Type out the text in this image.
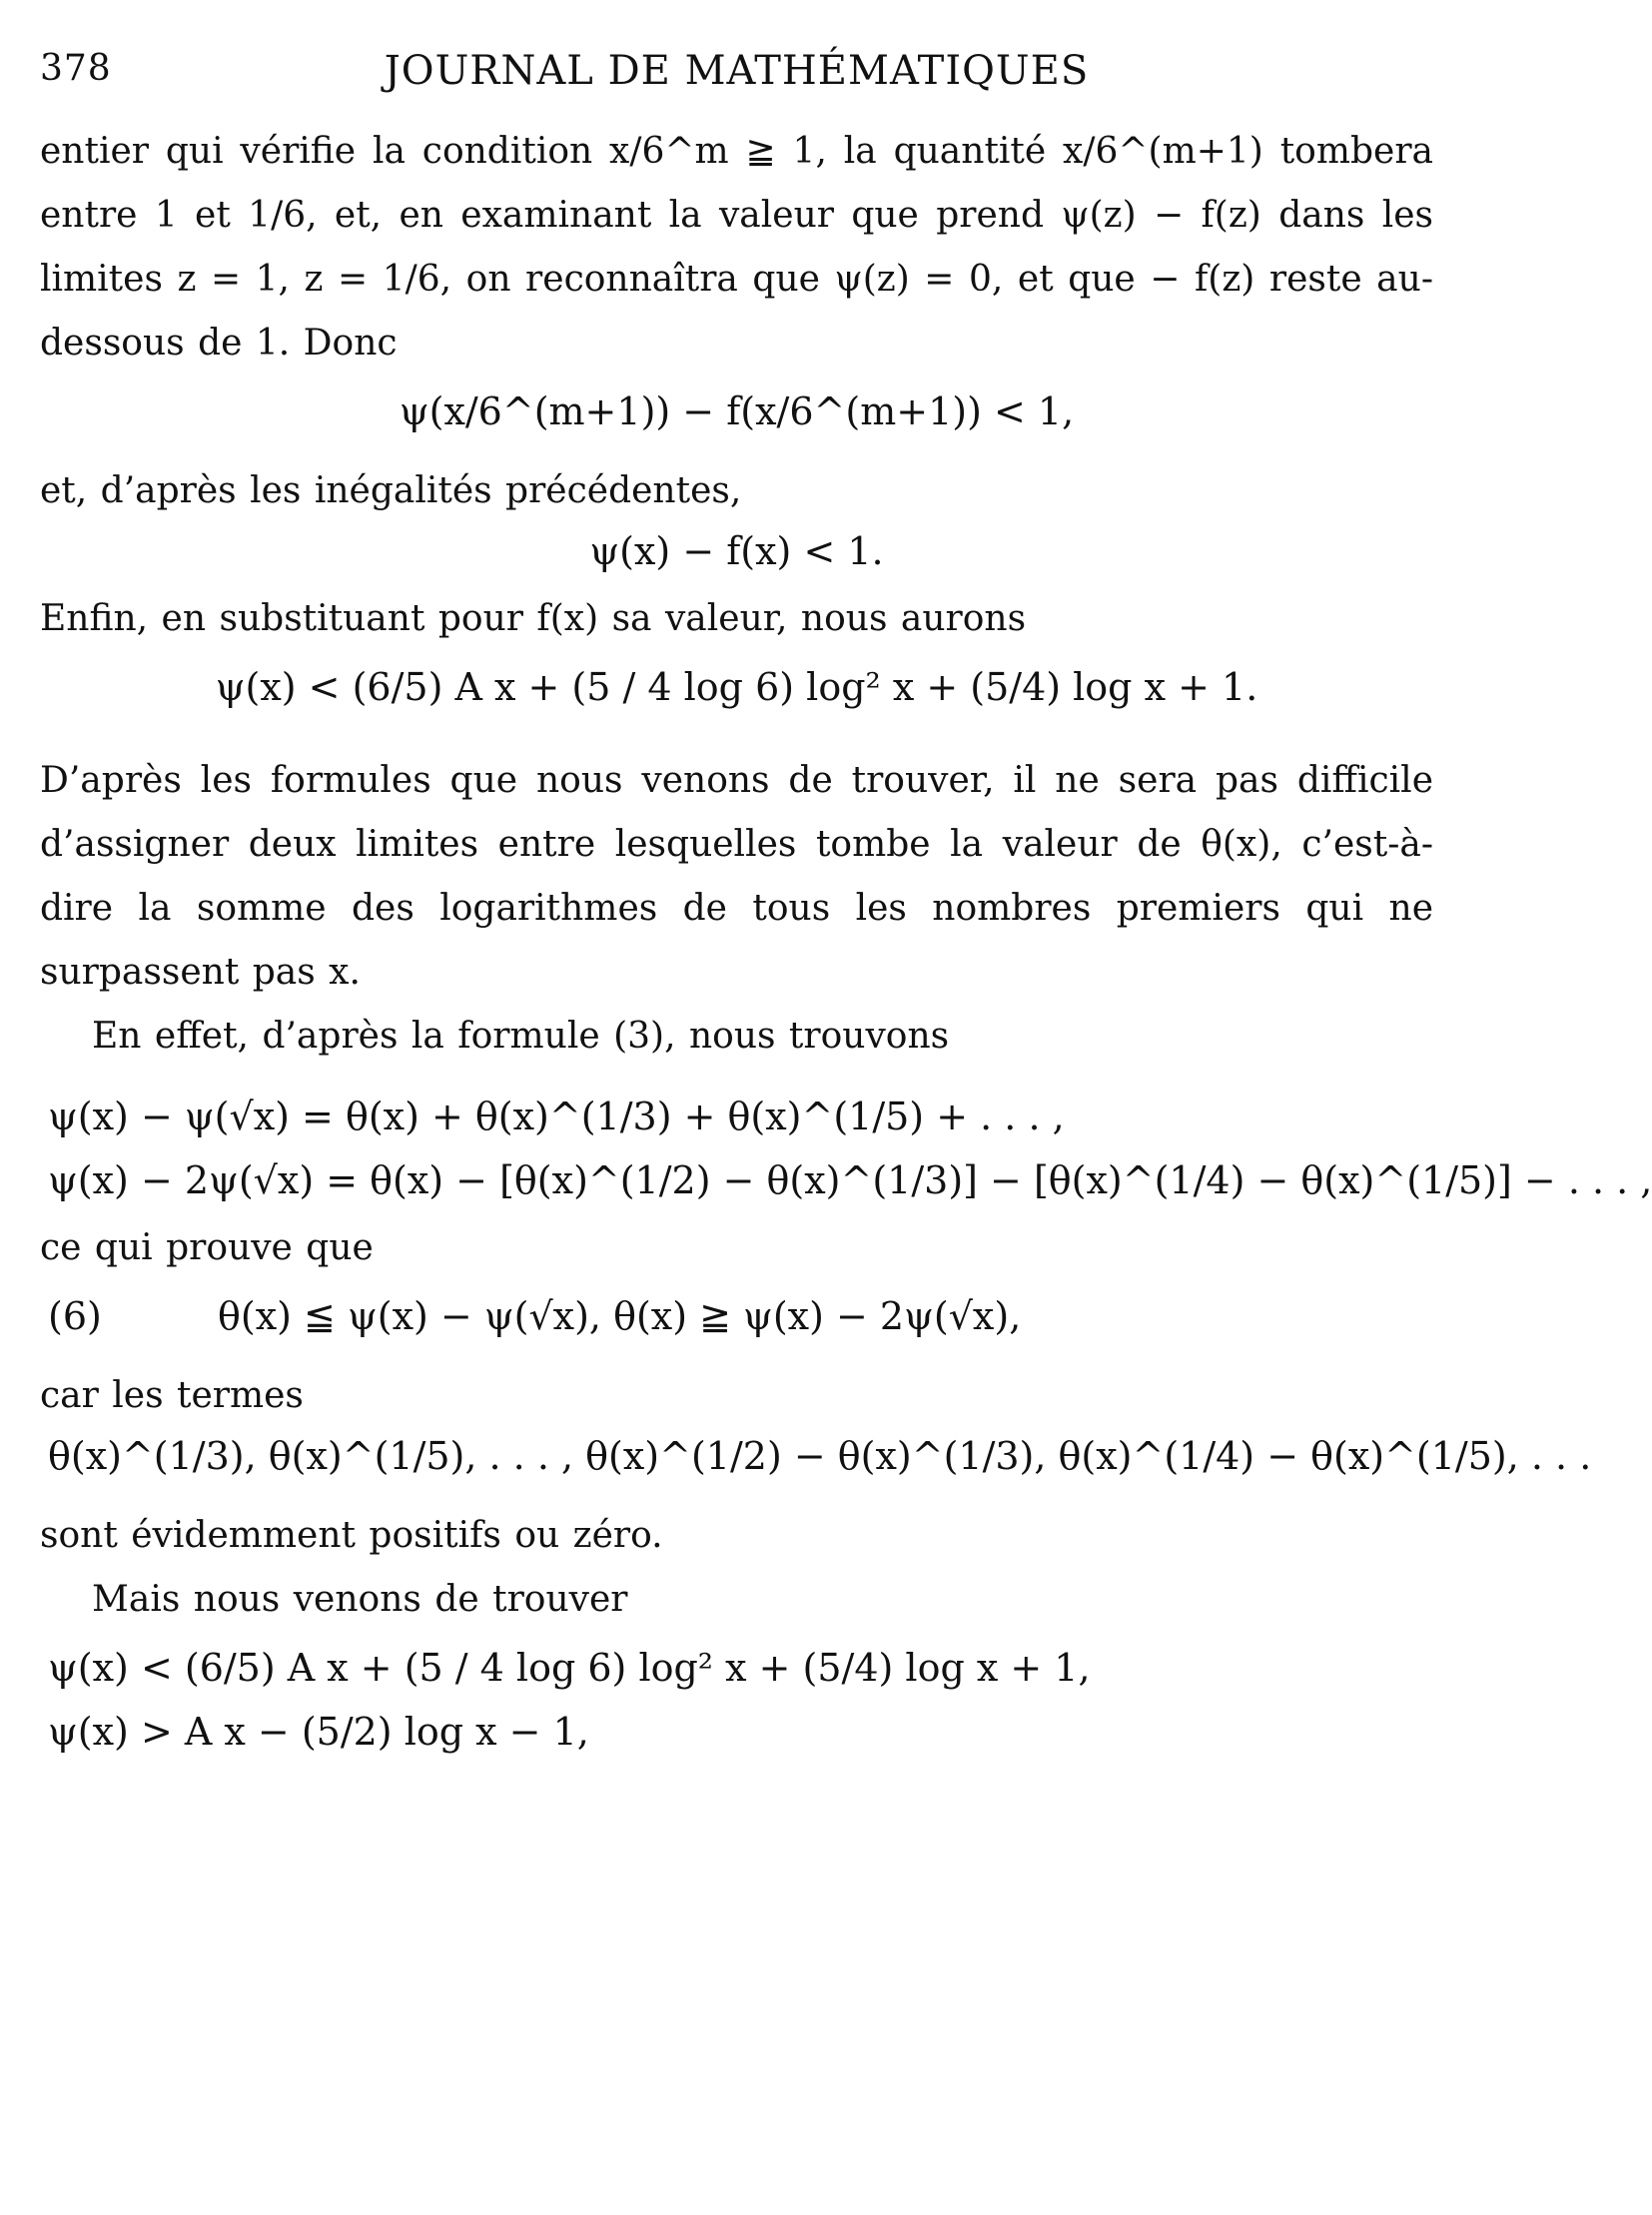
378	JOURNAL DE MATHÉMATIQUES

entier qui vérifie la condition x/6^m ≧ 1, la quantité x/6^(m+1) tombera entre 1 et 1/6, et, en examinant la valeur que prend ψ(z) − f(z) dans les limites z = 1, z = 1/6, on reconnaîtra que ψ(z) = 0, et que − f(z) reste au-dessous de 1. Donc

ψ(x/6^(m+1)) − f(x/6^(m+1)) < 1,

et, d’après les inégalités précédentes,

ψ(x) − f(x) < 1.

Enfin, en substituant pour f(x) sa valeur, nous aurons

ψ(x) < (6/5) A x + (5 / 4 log 6) log² x + (5/4) log x + 1.

D’après les formules que nous venons de trouver, il ne sera pas difficile d’assigner deux limites entre lesquelles tombe la valeur de θ(x), c’est-à-dire la somme des logarithmes de tous les nombres premiers qui ne surpassent pas x.

En effet, d’après la formule (3), nous trouvons

ψ(x) − ψ(√x) = θ(x) + θ(x)^(1/3) + θ(x)^(1/5) + . . . ,
ψ(x) − 2ψ(√x) = θ(x) − [θ(x)^(1/2) − θ(x)^(1/3)] − [θ(x)^(1/4) − θ(x)^(1/5)] − . . . ,

ce qui prouve que

(6)	θ(x) ≦ ψ(x) − ψ(√x), θ(x) ≧ ψ(x) − 2ψ(√x),

car les termes

θ(x)^(1/3), θ(x)^(1/5), . . . , θ(x)^(1/2) − θ(x)^(1/3), θ(x)^(1/4) − θ(x)^(1/5), . . .

sont évidemment positifs ou zéro.

Mais nous venons de trouver

ψ(x) < (6/5) A x + (5 / 4 log 6) log² x + (5/4) log x + 1,
ψ(x) > A x − (5/2) log x − 1,
